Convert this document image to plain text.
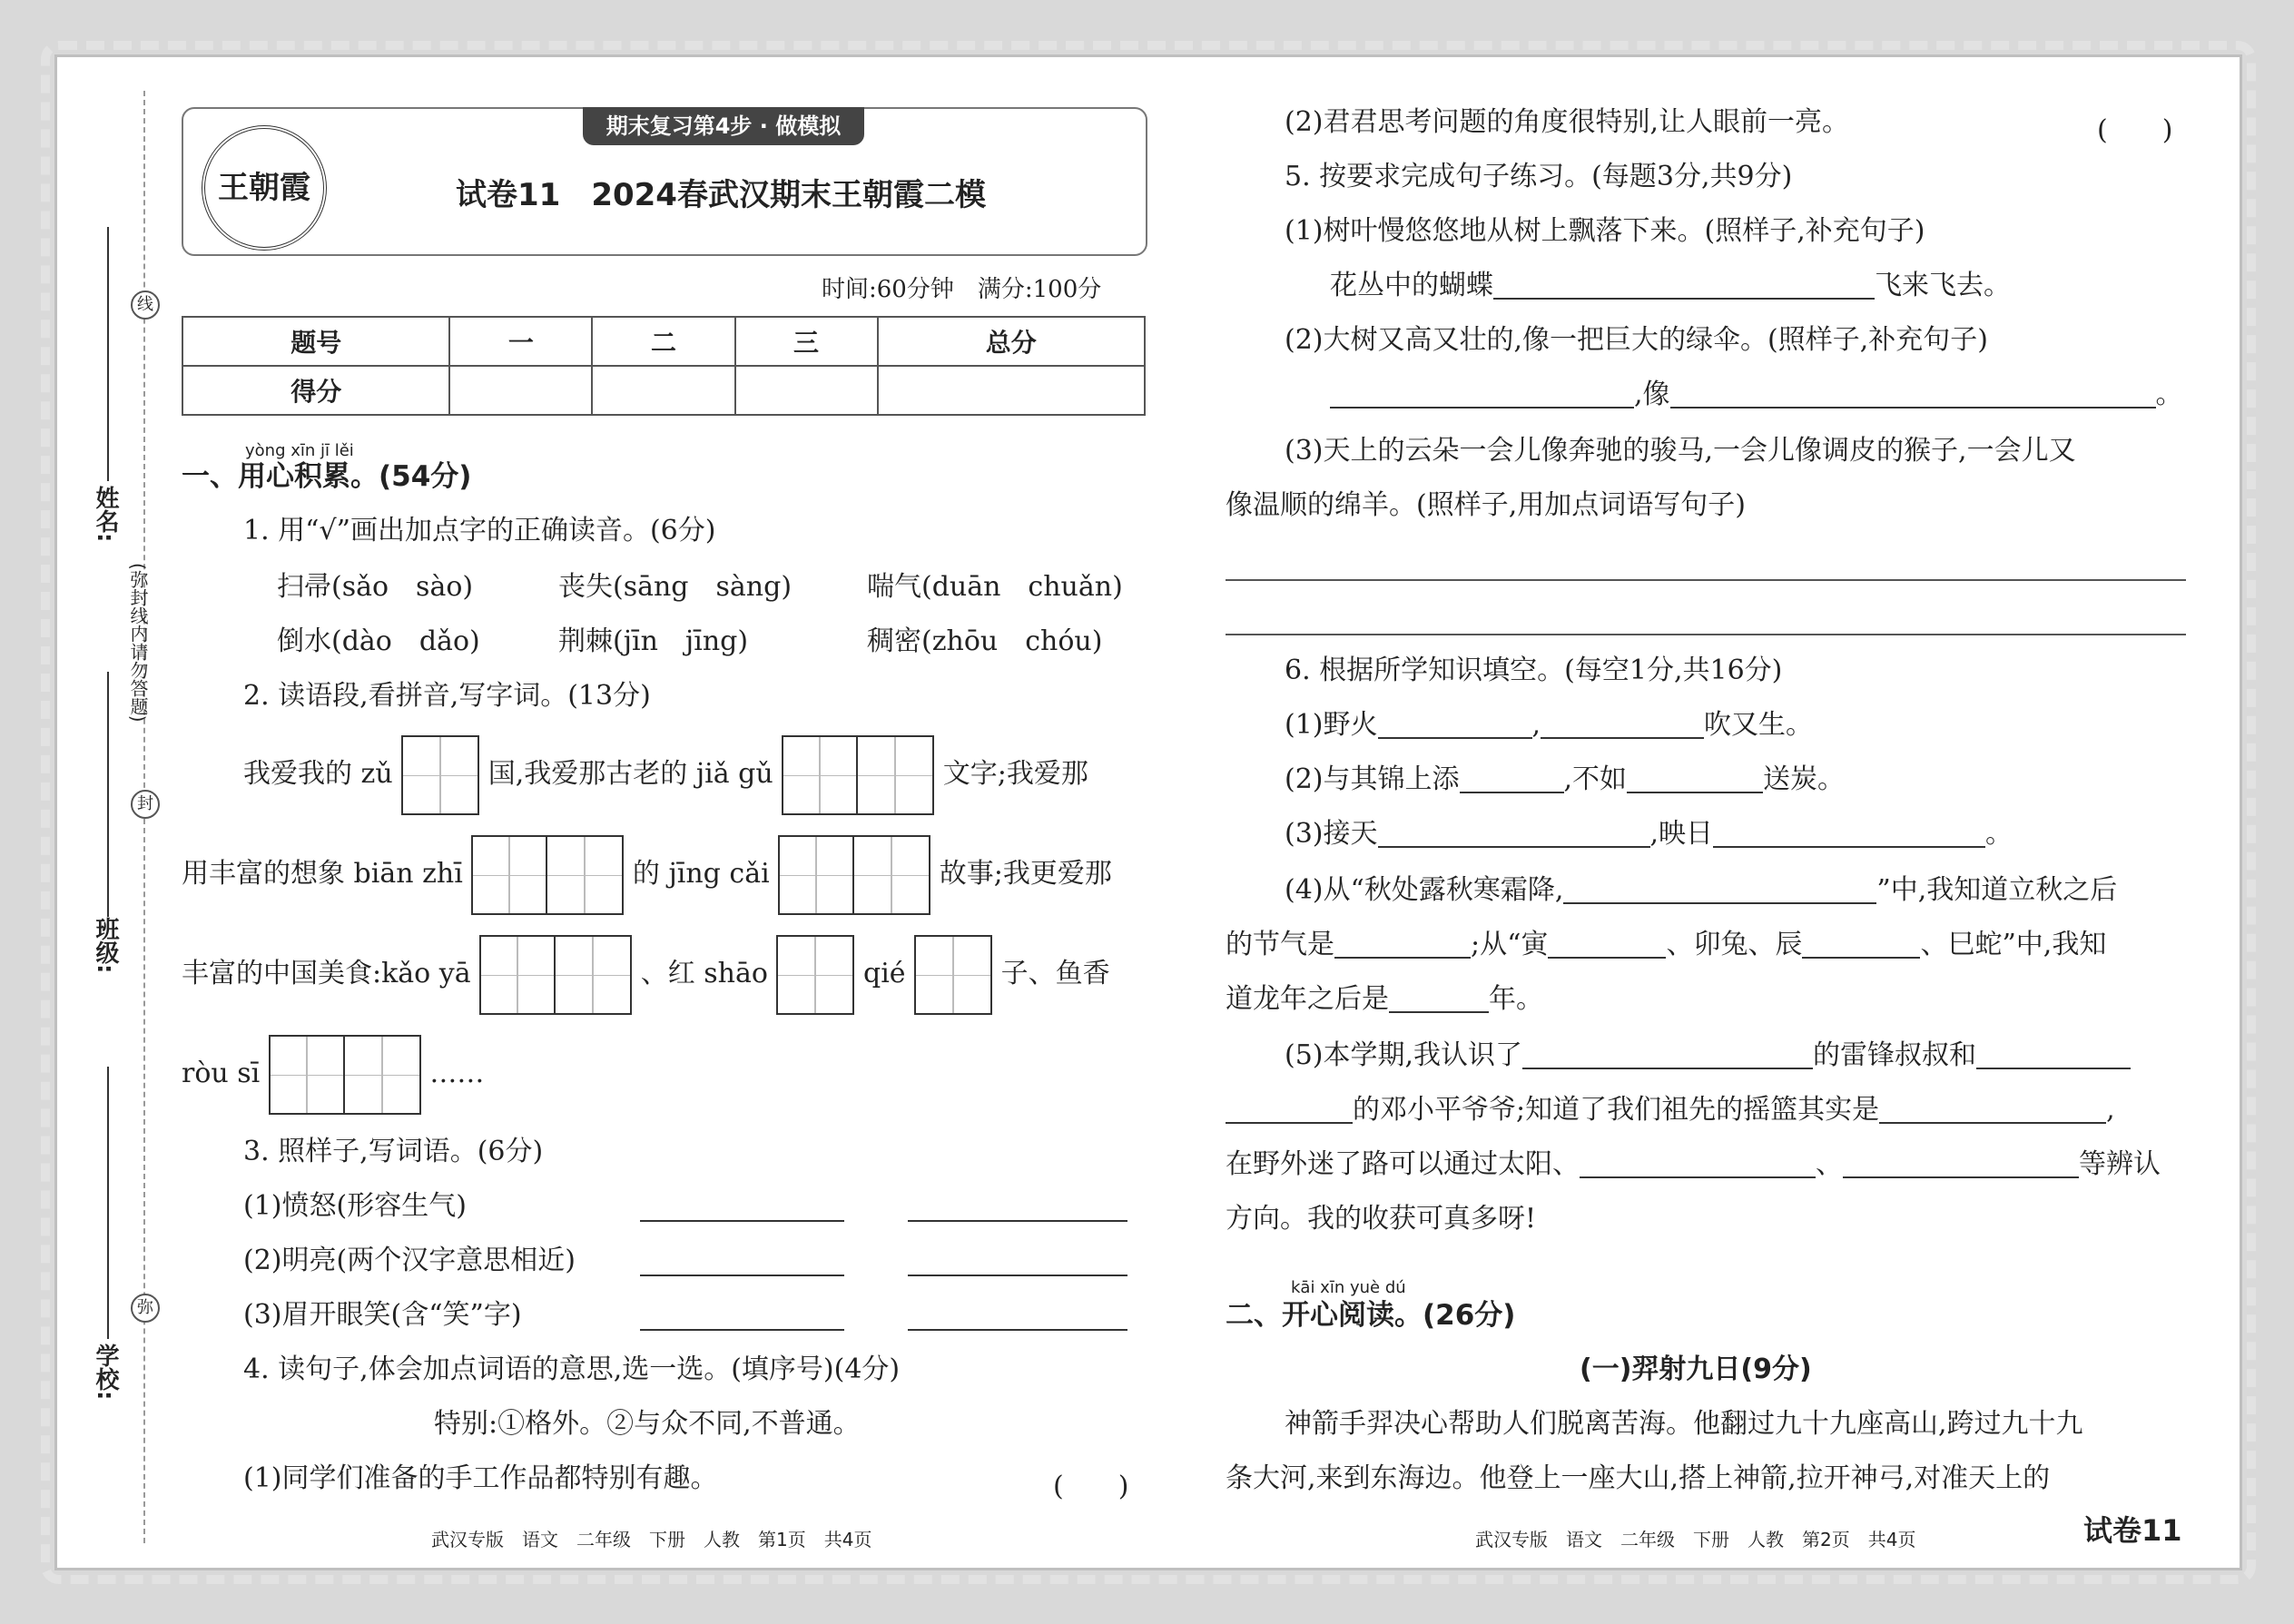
线
封
弥
(弥封线内请勿答题)
姓名:
班级:
学校:
期末复习第4步 · 做模拟
王朝霞	试卷11　2024春武汉期末王朝霞二模
时间:60分钟　满分:100分
题号	一	二	三	总分
得分				
yòng xīn jī lěi
一、用心积累。(54分)
1. 用“√”画出加点字的正确读音。(6分)
扫帚(sǎo　sào)	丧失(sāng　sàng)	喘气(duān　chuǎn)
倒水(dào　dǎo)	荆棘(jīn　jīng)	稠密(zhōu　chóu)
2. 读语段,看拼音,写字词。(13分)
我爱我的 zǔ	国,我爱那古老的 jiǎ gǔ	文字;我爱那
用丰富的想象 biān zhī	的 jīng cǎi	故事;我更爱那
丰富的中国美食:kǎo yā	、红 shāo	qié	子、鱼香
ròu sī	……
3. 照样子,写词语。(6分)
(1)愤怒(形容生气)
(2)明亮(两个汉字意思相近)
(3)眉开眼笑(含“笑”字)
4. 读句子,体会加点词语的意思,选一选。(填序号)(4分)
特别:①格外。②与众不同,不普通。
(1)同学们准备的手工作品都特别有趣。	(　　)
武汉专版　语文　二年级　下册　人教　第1页　共4页
(2)君君思考问题的角度很特别,让人眼前一亮。	(　　)
5. 按要求完成句子练习。(每题3分,共9分)
(1)树叶慢悠悠地从树上飘落下来。(照样子,补充句子)
花丛中的蝴蝶	飞来飞去。
(2)大树又高又壮的,像一把巨大的绿伞。(照样子,补充句子)
,像	。
(3)天上的云朵一会儿像奔驰的骏马,一会儿像调皮的猴子,一会儿又
像温顺的绵羊。(照样子,用加点词语写句子)
6. 根据所学知识填空。(每空1分,共16分)
(1)野火	,	吹又生。
(2)与其锦上添	,不如	送炭。
(3)接天	,映日	。
(4)从“秋处露秋寒霜降,	”中,我知道立秋之后
的节气是	;从“寅	、卯兔、辰	、巳蛇”中,我知
道龙年之后是	年。
(5)本学期,我认识了	的雷锋叔叔和
的邓小平爷爷;知道了我们祖先的摇篮其实是	,
在野外迷了路可以通过太阳、	、	等辨认
方向。我的收获可真多呀!
kāi xīn yuè dú
二、开心阅读。(26分)
(一)羿射九日(9分)
神箭手羿决心帮助人们脱离苦海。他翻过九十九座高山,跨过九十九
条大河,来到东海边。他登上一座大山,搭上神箭,拉开神弓,对准天上的
武汉专版　语文　二年级　下册　人教　第2页　共4页	试卷11
